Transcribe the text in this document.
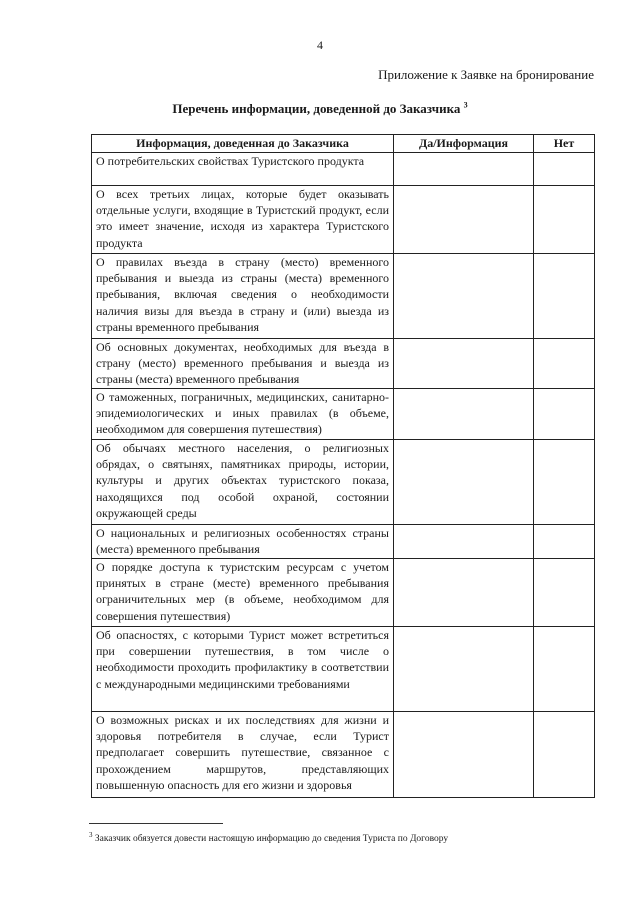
4
Приложение к Заявке на бронирование
Перечень информации, доведенной до Заказчика $^3$
Информация, доведенная до Заказчика	Да/Информация	Нет
О потребительских свойствах Туристского продукта		
О всех третьих лицах, которые будет оказывать отдельные услуги, входящие в Туристский продукт, если это имеет значение, исходя из характера Туристского продукта		
О правилах въезда в страну (место) временного пребывания и выезда из страны (места) временного пребывания, включая сведения о необходимости наличия визы для въезда в страну и (или) выезда из страны временного пребывания		
Об основных документах, необходимых для въезда в страну (место) временного пребывания и выезда из страны (места) временного пребывания		
О таможенных, пограничных, медицинских, санитарно-эпидемиологических и иных правилах (в объеме, необходимом для совершения путешествия)		
Об обычаях местного населения, о религиозных обрядах, о святынях, памятниках природы, истории, культуры и других объектах туристского показа, находящихся под особой охраной, состоянии окружающей среды		
О национальных и религиозных особенностях страны (места) временного пребывания		
О порядке доступа к туристским ресурсам с учетом принятых в стране (месте) временного пребывания ограничительных мер (в объеме, необходимом для совершения путешествия)		
Об опасностях, с которыми Турист может встретиться при совершении путешествия, в том числе о необходимости проходить профилактику в соответствии с международными медицинскими требованиями		
О возможных рисках и их последствиях для жизни и здоровья потребителя в случае, если Турист предполагает совершить путешествие, связанное с прохождением маршрутов, представляющих повышенную опасность для его жизни и здоровья		
$^3$ Заказчик обязуется довести настоящую информацию до сведения Туриста по Договору
